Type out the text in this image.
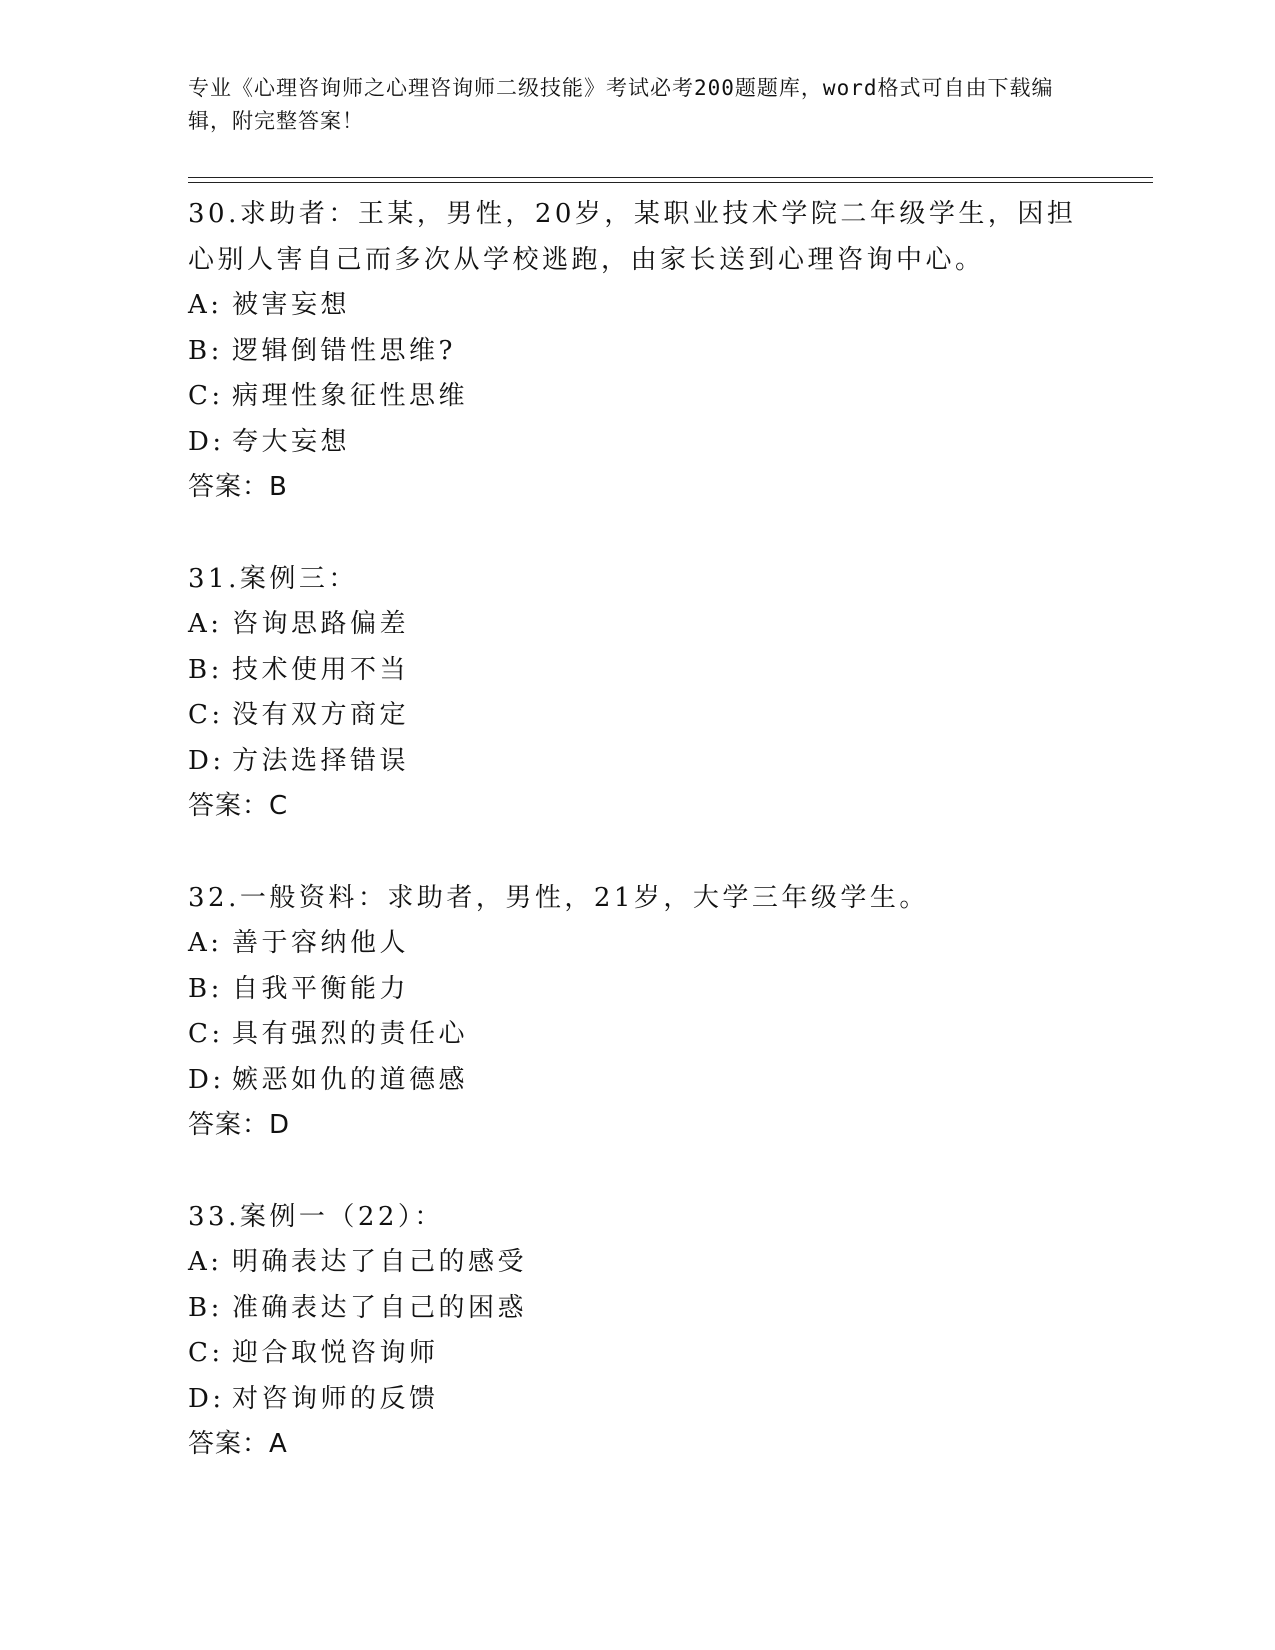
专业《心理咨询师之心理咨询师二级技能》考试必考200题题库，word格式可自由下载编辑，附完整答案！
30.求助者：王某，男性，20岁，某职业技术学院二年级学生，因担心别人害自己而多次从学校逃跑，由家长送到心理咨询中心。
A: 被害妄想
B: 逻辑倒错性思维?
C: 病理性象征性思维
D: 夸大妄想
答案：B
31.案例三：
A: 咨询思路偏差
B: 技术使用不当
C: 没有双方商定
D: 方法选择错误
答案：C
32.一般资料：求助者，男性，21岁，大学三年级学生。
A: 善于容纳他人
B: 自我平衡能力
C: 具有强烈的责任心
D: 嫉恶如仇的道德感
答案：D
33.案例一（22）：
A: 明确表达了自己的感受
B: 准确表达了自己的困惑
C: 迎合取悦咨询师
D: 对咨询师的反馈
答案：A
